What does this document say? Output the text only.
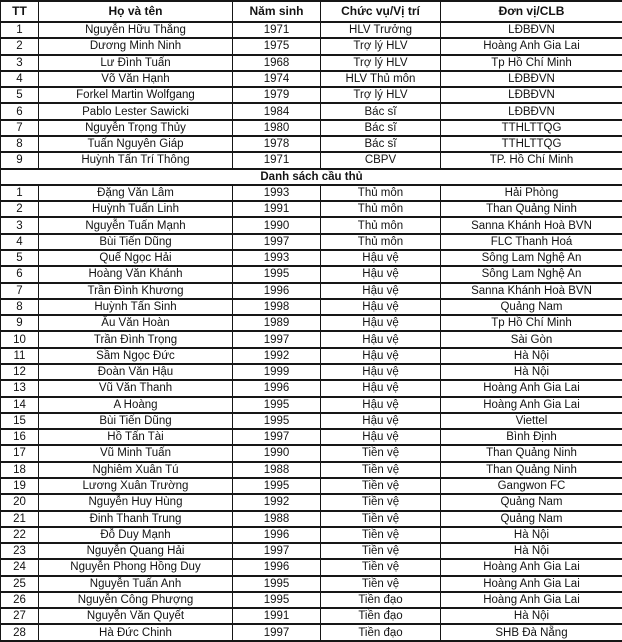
TT	Họ và tên	Năm sinh	Chức vụ/Vị trí	Đơn vị/CLB
1	Nguyễn Hữu Thắng	1971	HLV Trưởng	LĐBĐVN
2	Dương Minh Ninh	1975	Trợ lý HLV	Hoàng Anh Gia Lai
3	Lư Đình Tuấn	1968	Trợ lý HLV	Tp Hồ Chí Minh
4	Võ Văn Hạnh	1974	HLV Thủ môn	LĐBĐVN
5	Forkel Martin Wolfgang	1979	Trợ lý HLV	LĐBĐVN
6	Pablo Lester Sawicki	1984	Bác sĩ	LĐBĐVN
7	Nguyễn Trọng Thủy	1980	Bác sĩ	TTHLTTQG
8	Tuấn Nguyên Giáp	1978	Bác sĩ	TTHLTTQG
9	Huỳnh Tấn Trí Thông	1971	CBPV	TP. Hồ Chí Minh
Danh sách cầu thủ				
1	Đặng Văn Lâm	1993	Thủ môn	Hải Phòng
2	Huỳnh Tuấn Linh	1991	Thủ môn	Than Quảng Ninh
3	Nguyễn Tuấn Mạnh	1990	Thủ môn	Sanna Khánh Hoà BVN
4	Bùi Tiến Dũng	1997	Thủ môn	FLC Thanh Hoá
5	Quế Ngọc Hải	1993	Hậu vệ	Sông Lam Nghệ An
6	Hoàng Văn Khánh	1995	Hậu vệ	Sông Lam Nghệ An
7	Trần Đình Khương	1996	Hậu vệ	Sanna Khánh Hoà BVN
8	Huỳnh Tấn Sinh	1998	Hậu vệ	Quảng Nam
9	Âu Văn Hoàn	1989	Hậu vệ	Tp Hồ Chí Minh
10	Trần Đình Trọng	1997	Hậu vệ	Sài Gòn
11	Sầm Ngọc Đức	1992	Hậu vệ	Hà Nội
12	Đoàn Văn Hậu	1999	Hậu vệ	Hà Nội
13	Vũ Văn Thanh	1996	Hậu vệ	Hoàng Anh Gia Lai
14	A Hoàng	1995	Hậu vệ	Hoàng Anh Gia Lai
15	Bùi Tiến Dũng	1995	Hậu vệ	Viettel
16	Hồ Tấn Tài	1997	Hậu vệ	Bình Định
17	Vũ Minh Tuấn	1990	Tiền vệ	Than Quảng Ninh
18	Nghiêm Xuân Tú	1988	Tiền vệ	Than Quảng Ninh
19	Lương Xuân Trường	1995	Tiền vệ	Gangwon FC
20	Nguyễn Huy Hùng	1992	Tiền vệ	Quảng Nam
21	Đinh Thanh Trung	1988	Tiền vệ	Quảng Nam
22	Đỗ Duy Mạnh	1996	Tiền vệ	Hà Nội
23	Nguyễn Quang Hải	1997	Tiền vệ	Hà Nội
24	Nguyễn Phong Hồng Duy	1996	Tiền vệ	Hoàng Anh Gia Lai
25	Nguyễn Tuấn Anh	1995	Tiền vệ	Hoàng Anh Gia Lai
26	Nguyễn Công Phượng	1995	Tiền đạo	Hoàng Anh Gia Lai
27	Nguyễn Văn Quyết	1991	Tiền đạo	Hà Nội
28	Hà Đức Chinh	1997	Tiền đạo	SHB Đà Nẵng
